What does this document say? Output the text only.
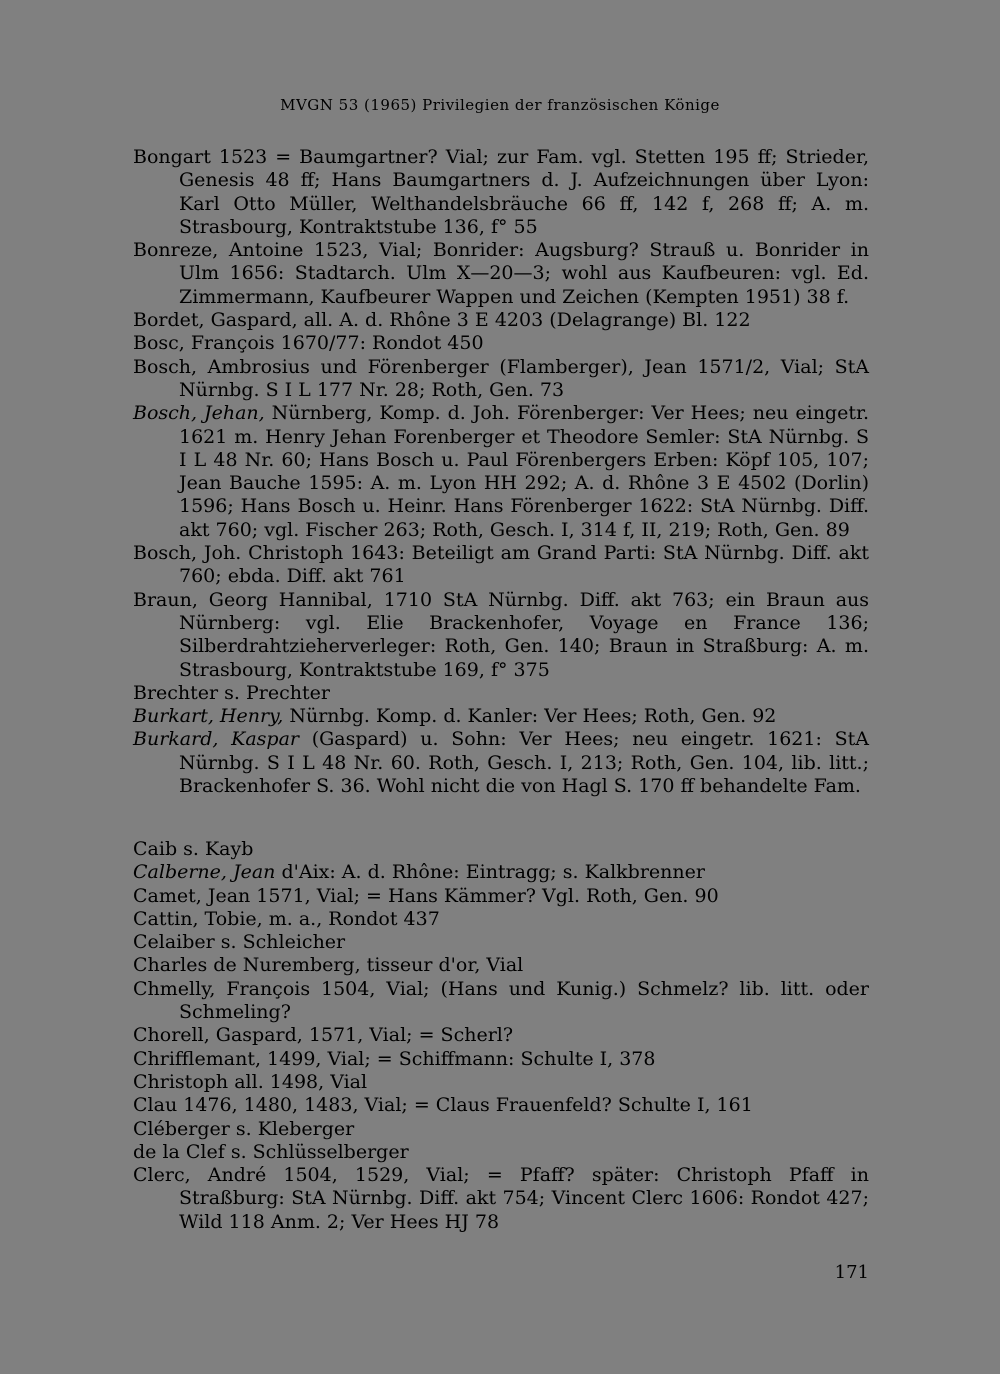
MVGN 53 (1965) Privilegien der französischen Könige
Bongart 1523 = Baumgartner? Vial; zur Fam. vgl. Stetten 195 ff; Strieder, Genesis 48 ff; Hans Baumgartners d. J. Aufzeichnungen über Lyon: Karl Otto Müller, Welthandelsbräuche 66 ff, 142 f, 268 ff; A. m. Strasbourg, Kontraktstube 136, f° 55
Bonreze, Antoine 1523, Vial; Bonrider: Augsburg? Strauß u. Bonrider in Ulm 1656: Stadtarch. Ulm X—20—3; wohl aus Kaufbeuren: vgl. Ed. Zimmermann, Kaufbeurer Wappen und Zeichen (Kempten 1951) 38 f.
Bordet, Gaspard, all. A. d. Rhône 3 E 4203 (Delagrange) Bl. 122
Bosc, François 1670/77: Rondot 450
Bosch, Ambrosius und Förenberger (Flamberger), Jean 1571/2, Vial; StA Nürnbg. S I L 177 Nr. 28; Roth, Gen. 73
Bosch, Jehan, Nürnberg, Komp. d. Joh. Förenberger: Ver Hees; neu eingetr. 1621 m. Henry Jehan Forenberger et Theodore Semler: StA Nürnbg. S I L 48 Nr. 60; Hans Bosch u. Paul Förenbergers Erben: Köpf 105, 107; Jean Bauche 1595: A. m. Lyon HH 292; A. d. Rhône 3 E 4502 (Dorlin) 1596; Hans Bosch u. Heinr. Hans Förenberger 1622: StA Nürnbg. Diff. akt 760; vgl. Fischer 263; Roth, Gesch. I, 314 f, II, 219; Roth, Gen. 89
Bosch, Joh. Christoph 1643: Beteiligt am Grand Parti: StA Nürnbg. Diff. akt 760; ebda. Diff. akt 761
Braun, Georg Hannibal, 1710 StA Nürnbg. Diff. akt 763; ein Braun aus Nürnberg: vgl. Elie Brackenhofer, Voyage en France 136; Silberdrahtzieherverleger: Roth, Gen. 140; Braun in Straßburg: A. m. Strasbourg, Kontraktstube 169, f° 375
Brechter s. Prechter
Burkart, Henry, Nürnbg. Komp. d. Kanler: Ver Hees; Roth, Gen. 92
Burkard, Kaspar (Gaspard) u. Sohn: Ver Hees; neu eingetr. 1621: StA Nürnbg. S I L 48 Nr. 60. Roth, Gesch. I, 213; Roth, Gen. 104, lib. litt.; Brackenhofer S. 36. Wohl nicht die von Hagl S. 170 ff behandelte Fam.
Caib s. Kayb
Calberne, Jean d'Aix: A. d. Rhône: Eintragg; s. Kalkbrenner
Camet, Jean 1571, Vial; = Hans Kämmer? Vgl. Roth, Gen. 90
Cattin, Tobie, m. a., Rondot 437
Celaiber s. Schleicher
Charles de Nuremberg, tisseur d'or, Vial
Chmelly, François 1504, Vial; (Hans und Kunig.) Schmelz? lib. litt. oder Schmeling?
Chorell, Gaspard, 1571, Vial; = Scherl?
Chrifflemant, 1499, Vial; = Schiffmann: Schulte I, 378
Christoph all. 1498, Vial
Clau 1476, 1480, 1483, Vial; = Claus Frauenfeld? Schulte I, 161
Cléberger s. Kleberger
de la Clef s. Schlüsselberger
Clerc, André 1504, 1529, Vial; = Pfaff? später: Christoph Pfaff in Straßburg: StA Nürnbg. Diff. akt 754; Vincent Clerc 1606: Rondot 427; Wild 118 Anm. 2; Ver Hees HJ 78
171
